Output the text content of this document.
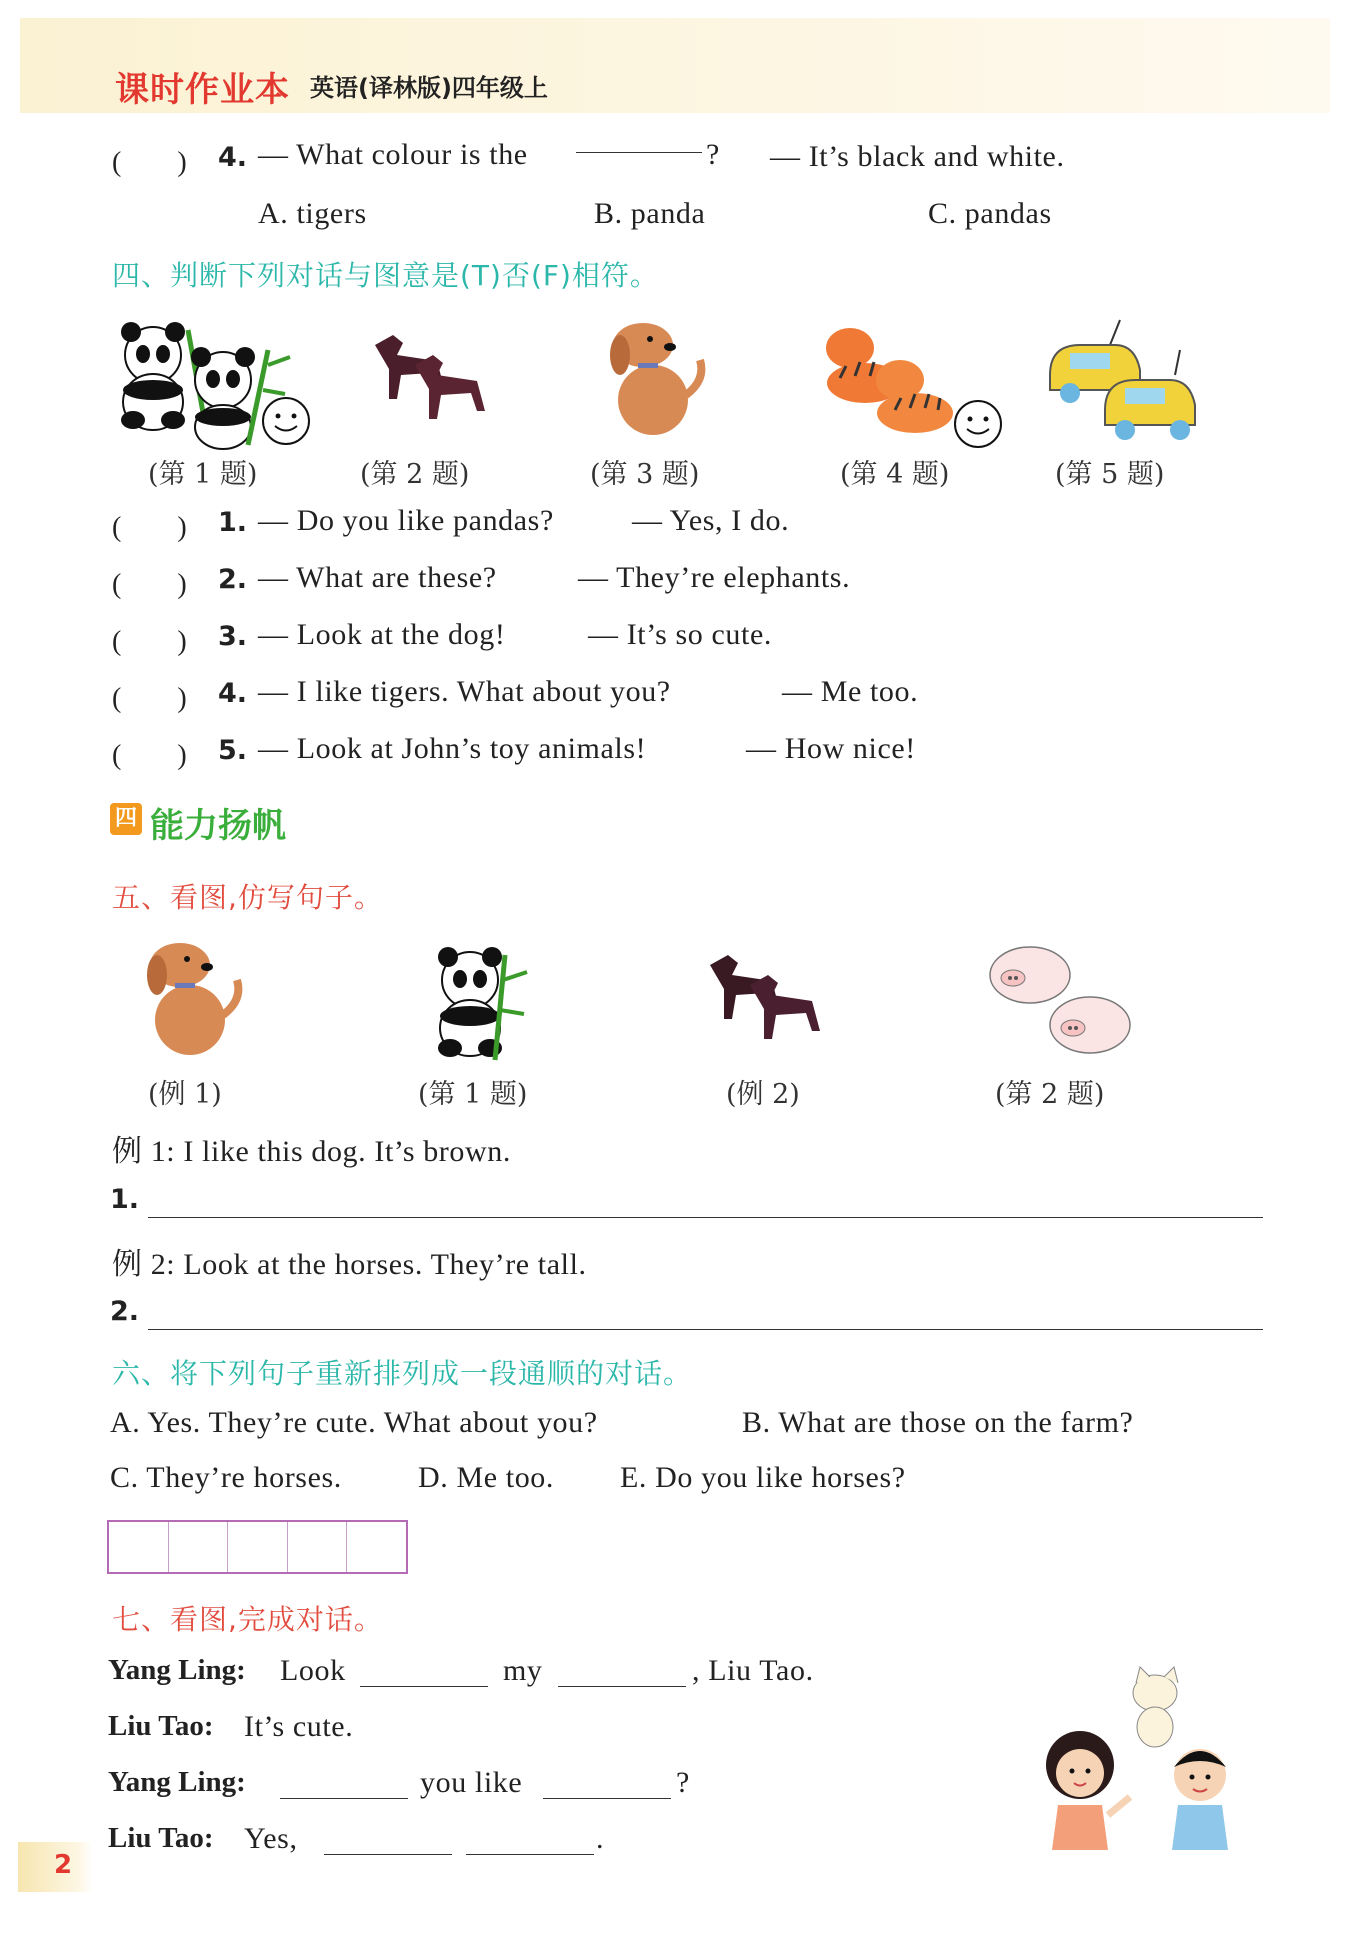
课时作业本 英语(译林版)四年级上
(　　) 4. — What colour is the	? — It’s black and white.
A. tigers	B. panda	C. pandas
四、判断下列对话与图意是(T)否(F)相符。
(第 1 题)	(第 2 题)	(第 3 题)	(第 4 题)	(第 5 题)
(　　) 1. — Do you like pandas?	— Yes, I do.
(　　) 2. — What are these?	— They’re elephants.
(　　) 3. — Look at the dog!	— It’s so cute.
(　　) 4. — I like tigers. What about you?	— Me too.
(　　) 5. — Look at John’s toy animals!	— How nice!
四 能力扬帆
五、看图,仿写句子。
(例 1)	(第 1 题)	(例 2)	(第 2 题)
例 1: I like this dog. It’s brown.
1.
例 2: Look at the horses. They’re tall.
2.
六、将下列句子重新排列成一段通顺的对话。
A. Yes. They’re cute. What about you?	B. What are those on the farm?
C. They’re horses.	D. Me too. E. Do you like horses?
七、看图,完成对话。
Yang Ling: Look	my	, Liu Tao.
Liu Tao: It’s cute.
Yang Ling:	you like	?
Liu Tao: Yes,	.
2
